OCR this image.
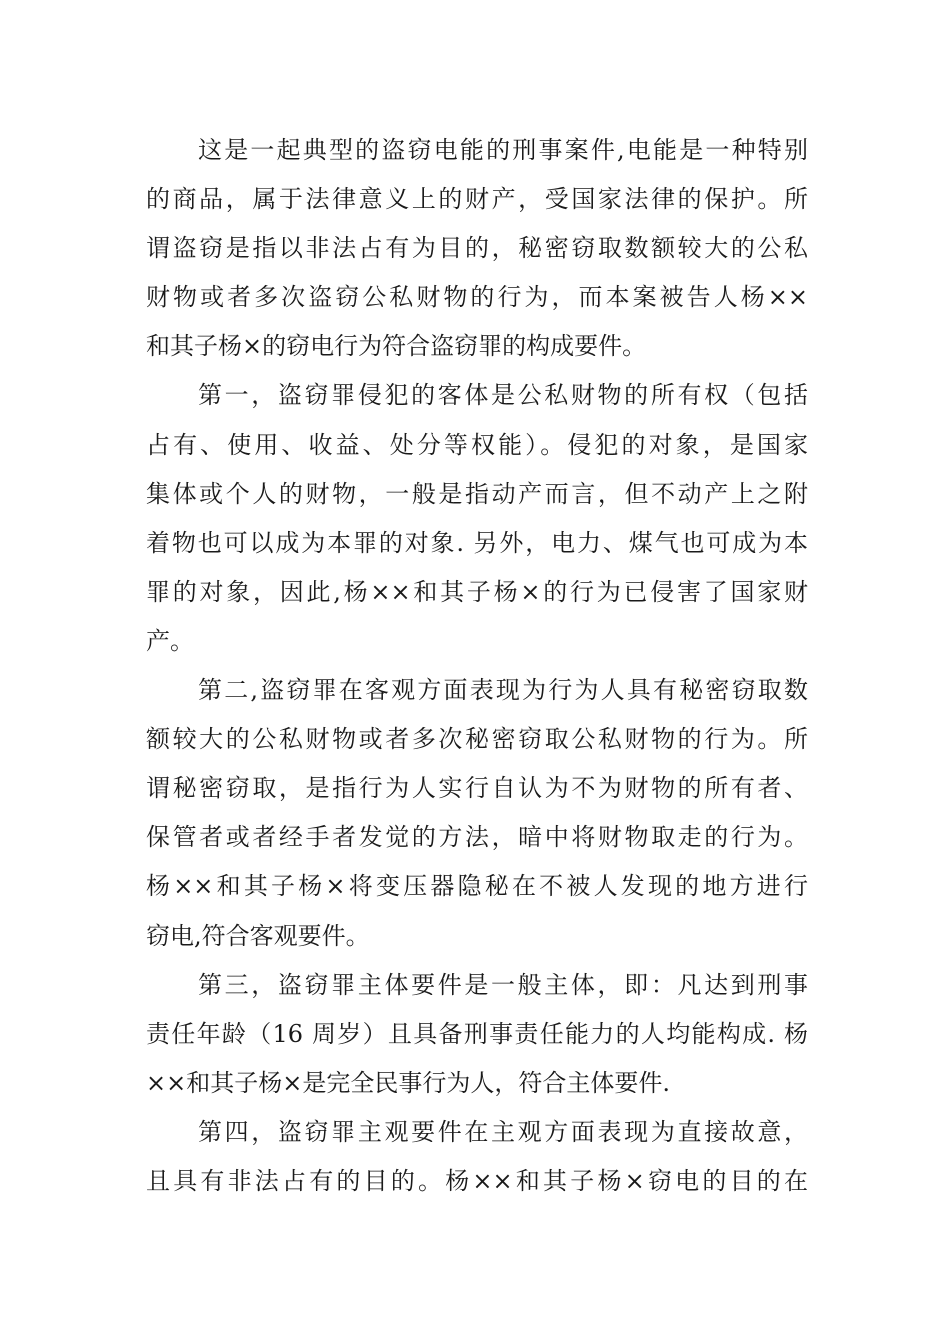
这是一起典型的盗窃电能的刑事案件,电能是一种特别
的商品，属于法律意义上的财产，受国家法律的保护。所
谓盗窃是指以非法占有为目的，秘密窃取数额较大的公私
财物或者多次盗窃公私财物的行为，而本案被告人杨××
和其子杨×的窃电行为符合盗窃罪的构成要件。
第一，盗窃罪侵犯的客体是公私财物的所有权（包括
占有、使用、收益、处分等权能）。侵犯的对象，是国家
集体或个人的财物，一般是指动产而言，但不动产上之附
着物也可以成为本罪的对象. 另外，电力、煤气也可成为本
罪的对象，因此,杨××和其子杨×的行为已侵害了国家财
产。
第二,盗窃罪在客观方面表现为行为人具有秘密窃取数
额较大的公私财物或者多次秘密窃取公私财物的行为。所
谓秘密窃取，是指行为人实行自认为不为财物的所有者、
保管者或者经手者发觉的方法，暗中将财物取走的行为。
杨××和其子杨×将变压器隐秘在不被人发现的地方进行
窃电,符合客观要件。
第三，盗窃罪主体要件是一般主体，即：凡达到刑事
责任年龄（16 周岁）且具备刑事责任能力的人均能构成. 杨
××和其子杨×是完全民事行为人，符合主体要件.
第四，盗窃罪主观要件在主观方面表现为直接故意，
且具有非法占有的目的。杨××和其子杨×窃电的目的在
